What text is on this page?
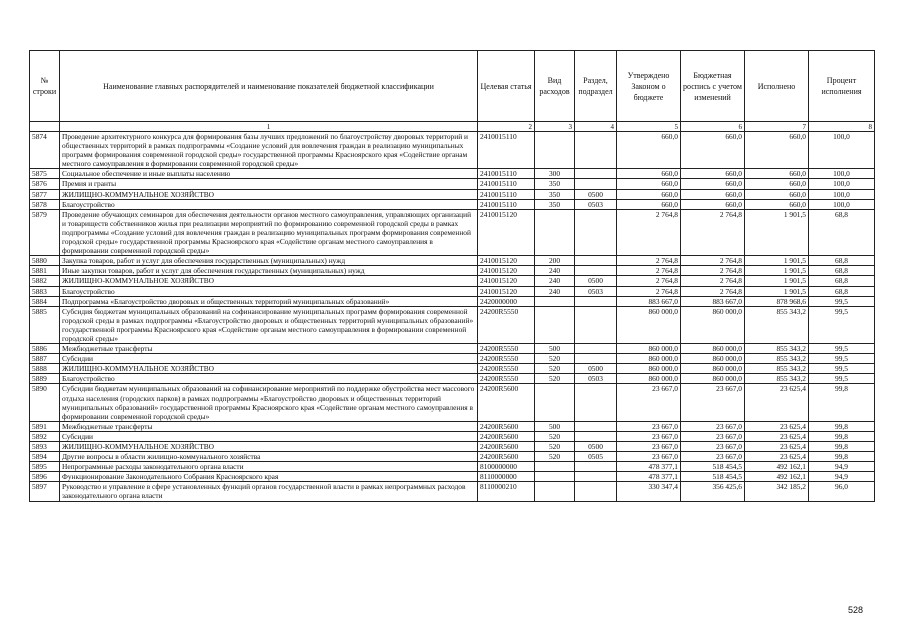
№ строки	Наименование главных распорядителей и наименование показателей бюджетной классификации	Целевая статья	Вид расходов	Раздел, подраздел	Утверждено Законом о бюджете	Бюджетная роспись с учетом изменений	Исполнено	Процент исполнения
	1	2	3	4	5	6	7	8
5874	Проведение архитектурного конкурса для формирования базы лучших предложений по благоустройству дворовых территорий и общественных территорий в рамках подпрограммы «Создание условий для вовлечения граждан в реализацию муниципальных программ формирования современной городской среды» государственной программы Красноярского края «Содействие органам местного самоуправления в формировании современной городской среды»	2410015110			660,0	660,0	660,0	100,0
5875	Социальное обеспечение и иные выплаты населению	2410015110	300		660,0	660,0	660,0	100,0
5876	Премия и гранты	2410015110	350		660,0	660,0	660,0	100,0
5877	ЖИЛИЩНО-КОММУНАЛЬНОЕ ХОЗЯЙСТВО	2410015110	350	0500	660,0	660,0	660,0	100,0
5878	Благоустройство	2410015110	350	0503	660,0	660,0	660,0	100,0
5879	Проведение обучающих семинаров для обеспечения деятельности органов местного самоуправления, управляющих организаций и товариществ собственников жилья при реализации мероприятий по формированию современной городской среды в рамках подпрограммы «Создание условий для вовлечения граждан в реализацию муниципальных программ формирования современной городской среды» государственной программы Красноярского края «Содействие органам местного самоуправления в формировании современной городской среды»	2410015120			2 764,8	2 764,8	1 901,5	68,8
5880	Закупка товаров, работ и услуг для обеспечения государственных (муниципальных) нужд	2410015120	200		2 764,8	2 764,8	1 901,5	68,8
5881	Иные закупки товаров, работ и услуг для обеспечения государственных (муниципальных) нужд	2410015120	240		2 764,8	2 764,8	1 901,5	68,8
5882	ЖИЛИЩНО-КОММУНАЛЬНОЕ ХОЗЯЙСТВО	2410015120	240	0500	2 764,8	2 764,8	1 901,5	68,8
5883	Благоустройство	2410015120	240	0503	2 764,8	2 764,8	1 901,5	68,8
5884	Подпрограмма «Благоустройство дворовых и общественных территорий муниципальных образований»	2420000000			883 667,0	883 667,0	878 968,6	99,5
5885	Субсидия бюджетам муниципальных образований на софинансирование муниципальных программ формирования современной городской среды в рамках подпрограммы «Благоустройство дворовых и общественных территорий муниципальных образований» государственной программы Красноярского края «Содействие органам местного самоуправления в формировании современной городской среды»	24200R5550			860 000,0	860 000,0	855 343,2	99,5
5886	Межбюджетные трансферты	24200R5550	500		860 000,0	860 000,0	855 343,2	99,5
5887	Субсидии	24200R5550	520		860 000,0	860 000,0	855 343,2	99,5
5888	ЖИЛИЩНО-КОММУНАЛЬНОЕ ХОЗЯЙСТВО	24200R5550	520	0500	860 000,0	860 000,0	855 343,2	99,5
5889	Благоустройство	24200R5550	520	0503	860 000,0	860 000,0	855 343,2	99,5
5890	Субсидии бюджетам муниципальных образований на софинансирование мероприятий по поддержке обустройства мест массового отдыха населения (городских парков) в рамках подпрограммы «Благоустройство дворовых и общественных территорий муниципальных образований» государственной программы Красноярского края «Содействие органам местного самоуправления в формировании современной городской среды»	24200R5600			23 667,0	23 667,0	23 625,4	99,8
5891	Межбюджетные трансферты	24200R5600	500		23 667,0	23 667,0	23 625,4	99,8
5892	Субсидии	24200R5600	520		23 667,0	23 667,0	23 625,4	99,8
5893	ЖИЛИЩНО-КОММУНАЛЬНОЕ ХОЗЯЙСТВО	24200R5600	520	0500	23 667,0	23 667,0	23 625,4	99,8
5894	Другие вопросы в области жилищно-коммунального хозяйства	24200R5600	520	0505	23 667,0	23 667,0	23 625,4	99,8
5895	Непрограммные расходы законодательного органа власти	8100000000			478 377,1	518 454,5	492 162,1	94,9
5896	Функционирование Законодательного Собрания Красноярского края	8110000000			478 377,1	518 454,5	492 162,1	94,9
5897	Руководство и управление в сфере установленных функций органов государственной власти в рамках непрограммных расходов законодательного органа власти	8110000210			330 347,4	356 425,6	342 185,2	96,0
528
